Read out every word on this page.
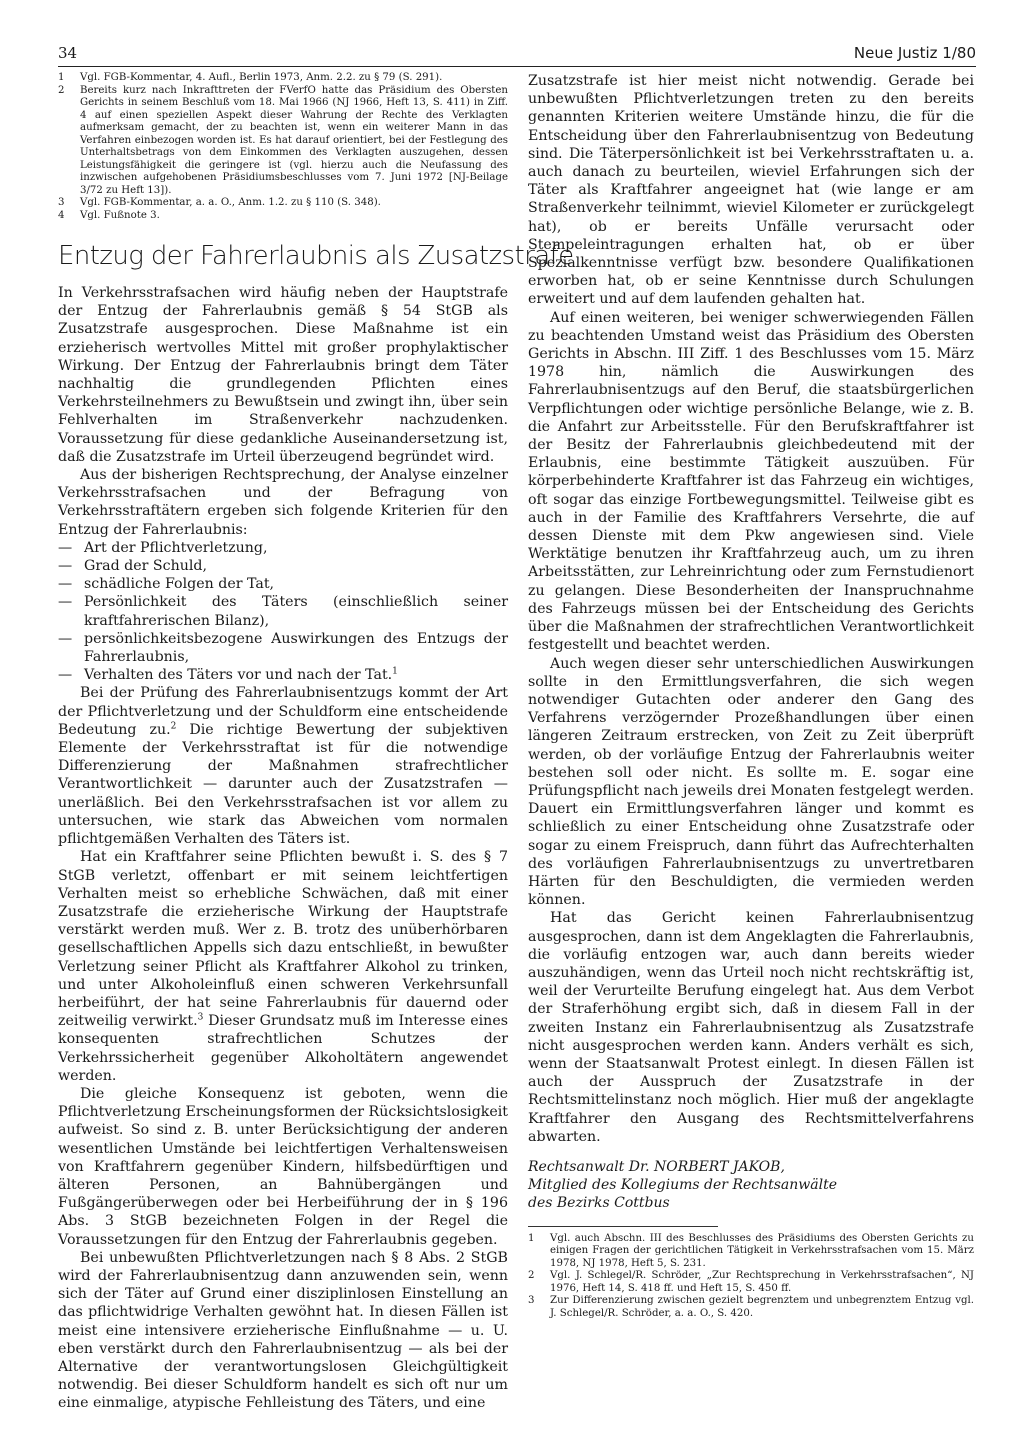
34	Neue Justiz 1/80
1	Vgl. FGB-Kommentar, 4. Aufl., Berlin 1973, Anm. 2.2. zu § 79 (S. 291).
2	Bereits kurz nach Inkrafttreten der FVerfO hatte das Präsidium des Obersten Gerichts in seinem Beschluß vom 18. Mai 1966 (NJ 1966, Heft 13, S. 411) in Ziff. 4 auf einen speziellen Aspekt dieser Wahrung der Rechte des Verklagten aufmerksam gemacht, der zu beachten ist, wenn ein weiterer Mann in das Verfahren einbezogen worden ist. Es hat darauf orientiert, bei der Festlegung des Unterhaltsbetrags von dem Einkommen des Verklagten auszugehen, dessen Leistungsfähigkeit die geringere ist (vgl. hierzu auch die Neufassung des inzwischen aufgehobenen Präsidiumsbeschlusses vom 7. Juni 1972 [NJ-Beilage 3/72 zu Heft 13]).
3	Vgl. FGB-Kommentar, a. a. O., Anm. 1.2. zu § 110 (S. 348).
4	Vgl. Fußnote 3.
Entzug der Fahrerlaubnis als Zusatzstrafe

In Verkehrsstrafsachen wird häufig neben der Hauptstrafe der Entzug der Fahrerlaubnis gemäß § 54 StGB als Zusatzstrafe ausgesprochen. Diese Maßnahme ist ein erzieherisch wertvolles Mittel mit großer prophylaktischer Wirkung. Der Entzug der Fahrerlaubnis bringt dem Täter nachhaltig die grundlegenden Pflichten eines Verkehrsteilnehmers zu Bewußtsein und zwingt ihn, über sein Fehlverhalten im Straßenverkehr nachzudenken. Voraussetzung für diese gedankliche Auseinandersetzung ist, daß die Zusatzstrafe im Urteil überzeugend begründet wird.

Aus der bisherigen Rechtsprechung, der Analyse einzelner Verkehrsstrafsachen und der Befragung von Verkehrsstraftätern ergeben sich folgende Kriterien für den Entzug der Fahrerlaubnis:

— Art der Pflichtverletzung,
— Grad der Schuld,
— schädliche Folgen der Tat,
— Persönlichkeit des Täters (einschließlich seiner kraftfahrerischen Bilanz),
— persönlichkeitsbezogene Auswirkungen des Entzugs der Fahrerlaubnis,
— Verhalten des Täters vor und nach der Tat.$^1$

Bei der Prüfung des Fahrerlaubnisentzugs kommt der Art der Pflichtverletzung und der Schuldform eine entscheidende Bedeutung zu.$^2$ Die richtige Bewertung der subjektiven Elemente der Verkehrsstraftat ist für die notwendige Differenzierung der Maßnahmen strafrechtlicher Verantwortlichkeit — darunter auch der Zusatzstrafen — unerläßlich. Bei den Verkehrsstrafsachen ist vor allem zu untersuchen, wie stark das Abweichen vom normalen pflichtgemäßen Verhalten des Täters ist.

Hat ein Kraftfahrer seine Pflichten bewußt i. S. des § 7 StGB verletzt, offenbart er mit seinem leichtfertigen Verhalten meist so erhebliche Schwächen, daß mit einer Zusatzstrafe die erzieherische Wirkung der Hauptstrafe verstärkt werden muß. Wer z. B. trotz des unüberhörbaren gesellschaftlichen Appells sich dazu entschließt, in bewußter Verletzung seiner Pflicht als Kraftfahrer Alkohol zu trinken, und unter Alkoholeinfluß einen schweren Verkehrsunfall herbeiführt, der hat seine Fahrerlaubnis für dauernd oder zeitweilig verwirkt.$^3$ Dieser Grundsatz muß im Interesse eines konsequenten strafrechtlichen Schutzes der Verkehrssicherheit gegenüber Alkoholtätern angewendet werden.

Die gleiche Konsequenz ist geboten, wenn die Pflichtverletzung Erscheinungsformen der Rücksichtslosigkeit aufweist. So sind z. B. unter Berücksichtigung der anderen wesentlichen Umstände bei leichtfertigen Verhaltensweisen von Kraftfahrern gegenüber Kindern, hilfsbedürftigen und älteren Personen, an Bahnübergängen und Fußgängerüberwegen oder bei Herbeiführung der in § 196 Abs. 3 StGB bezeichneten Folgen in der Regel die Voraussetzungen für den Entzug der Fahrerlaubnis gegeben.

Bei unbewußten Pflichtverletzungen nach § 8 Abs. 2 StGB wird der Fahrerlaubnisentzug dann anzuwenden sein, wenn sich der Täter auf Grund einer disziplinlosen Einstellung an das pflichtwidrige Verhalten gewöhnt hat. In diesen Fällen ist meist eine intensivere erzieherische Einflußnahme — u. U. eben verstärkt durch den Fahrerlaubnisentzug — als bei der Alternative der verantwortungslosen Gleichgültigkeit notwendig. Bei dieser Schuldform handelt es sich oft nur um eine einmalige, atypische Fehlleistung des Täters, und eine

Zusatzstrafe ist hier meist nicht notwendig. Gerade bei unbewußten Pflichtverletzungen treten zu den bereits genannten Kriterien weitere Umstände hinzu, die für die Entscheidung über den Fahrerlaubnisentzug von Bedeutung sind. Die Täterpersönlichkeit ist bei Verkehrsstraftaten u. a. auch danach zu beurteilen, wieviel Erfahrungen sich der Täter als Kraftfahrer angeeignet hat (wie lange er am Straßenverkehr teilnimmt, wieviel Kilometer er zurückgelegt hat), ob er bereits Unfälle verursacht oder Stempeleintragungen erhalten hat, ob er über Spezialkenntnisse verfügt bzw. besondere Qualifikationen erworben hat, ob er seine Kenntnisse durch Schulungen erweitert und auf dem laufenden gehalten hat.

Auf einen weiteren, bei weniger schwerwiegenden Fällen zu beachtenden Umstand weist das Präsidium des Obersten Gerichts in Abschn. III Ziff. 1 des Beschlusses vom 15. März 1978 hin, nämlich die Auswirkungen des Fahrerlaubnisentzugs auf den Beruf, die staatsbürgerlichen Verpflichtungen oder wichtige persönliche Belange, wie z. B. die Anfahrt zur Arbeitsstelle. Für den Berufskraftfahrer ist der Besitz der Fahrerlaubnis gleichbedeutend mit der Erlaubnis, eine bestimmte Tätigkeit auszuüben. Für körperbehinderte Kraftfahrer ist das Fahrzeug ein wichtiges, oft sogar das einzige Fortbewegungsmittel. Teilweise gibt es auch in der Familie des Kraftfahrers Versehrte, die auf dessen Dienste mit dem Pkw angewiesen sind. Viele Werktätige benutzen ihr Kraftfahrzeug auch, um zu ihren Arbeitsstätten, zur Lehreinrichtung oder zum Fernstudienort zu gelangen. Diese Besonderheiten der Inanspruchnahme des Fahrzeugs müssen bei der Entscheidung des Gerichts über die Maßnahmen der strafrechtlichen Verantwortlichkeit festgestellt und beachtet werden.

Auch wegen dieser sehr unterschiedlichen Auswirkungen sollte in den Ermittlungsverfahren, die sich wegen notwendiger Gutachten oder anderer den Gang des Verfahrens verzögernder Prozeßhandlungen über einen längeren Zeitraum erstrecken, von Zeit zu Zeit überprüft werden, ob der vorläufige Entzug der Fahrerlaubnis weiter bestehen soll oder nicht. Es sollte m. E. sogar eine Prüfungspflicht nach jeweils drei Monaten festgelegt werden. Dauert ein Ermittlungsverfahren länger und kommt es schließlich zu einer Entscheidung ohne Zusatzstrafe oder sogar zu einem Freispruch, dann führt das Aufrechterhalten des vorläufigen Fahrerlaubnisentzugs zu unvertretbaren Härten für den Beschuldigten, die vermieden werden können.

Hat das Gericht keinen Fahrerlaubnisentzug ausgesprochen, dann ist dem Angeklagten die Fahrerlaubnis, die vorläufig entzogen war, auch dann bereits wieder auszuhändigen, wenn das Urteil noch nicht rechtskräftig ist, weil der Verurteilte Berufung eingelegt hat. Aus dem Verbot der Straferhöhung ergibt sich, daß in diesem Fall in der zweiten Instanz ein Fahrerlaubnisentzug als Zusatzstrafe nicht ausgesprochen werden kann. Anders verhält es sich, wenn der Staatsanwalt Protest einlegt. In diesen Fällen ist auch der Ausspruch der Zusatzstrafe in der Rechtsmittelinstanz noch möglich. Hier muß der angeklagte Kraftfahrer den Ausgang des Rechtsmittelverfahrens abwarten.

Rechtsanwalt Dr. NORBERT JAKOB,
Mitglied des Kollegiums der Rechtsanwälte
des Bezirks Cottbus
1	Vgl. auch Abschn. III des Beschlusses des Präsidiums des Obersten Gerichts zu einigen Fragen der gerichtlichen Tätigkeit in Verkehrsstrafsachen vom 15. März 1978, NJ 1978, Heft 5, S. 231.
2	Vgl. J. Schlegel/R. Schröder, „Zur Rechtsprechung in Verkehrsstrafsachen“, NJ 1976, Heft 14, S. 418 ff. und Heft 15, S. 450 ff.
3	Zur Differenzierung zwischen gezielt begrenztem und unbegrenztem Entzug vgl. J. Schlegel/R. Schröder, a. a. O., S. 420.
